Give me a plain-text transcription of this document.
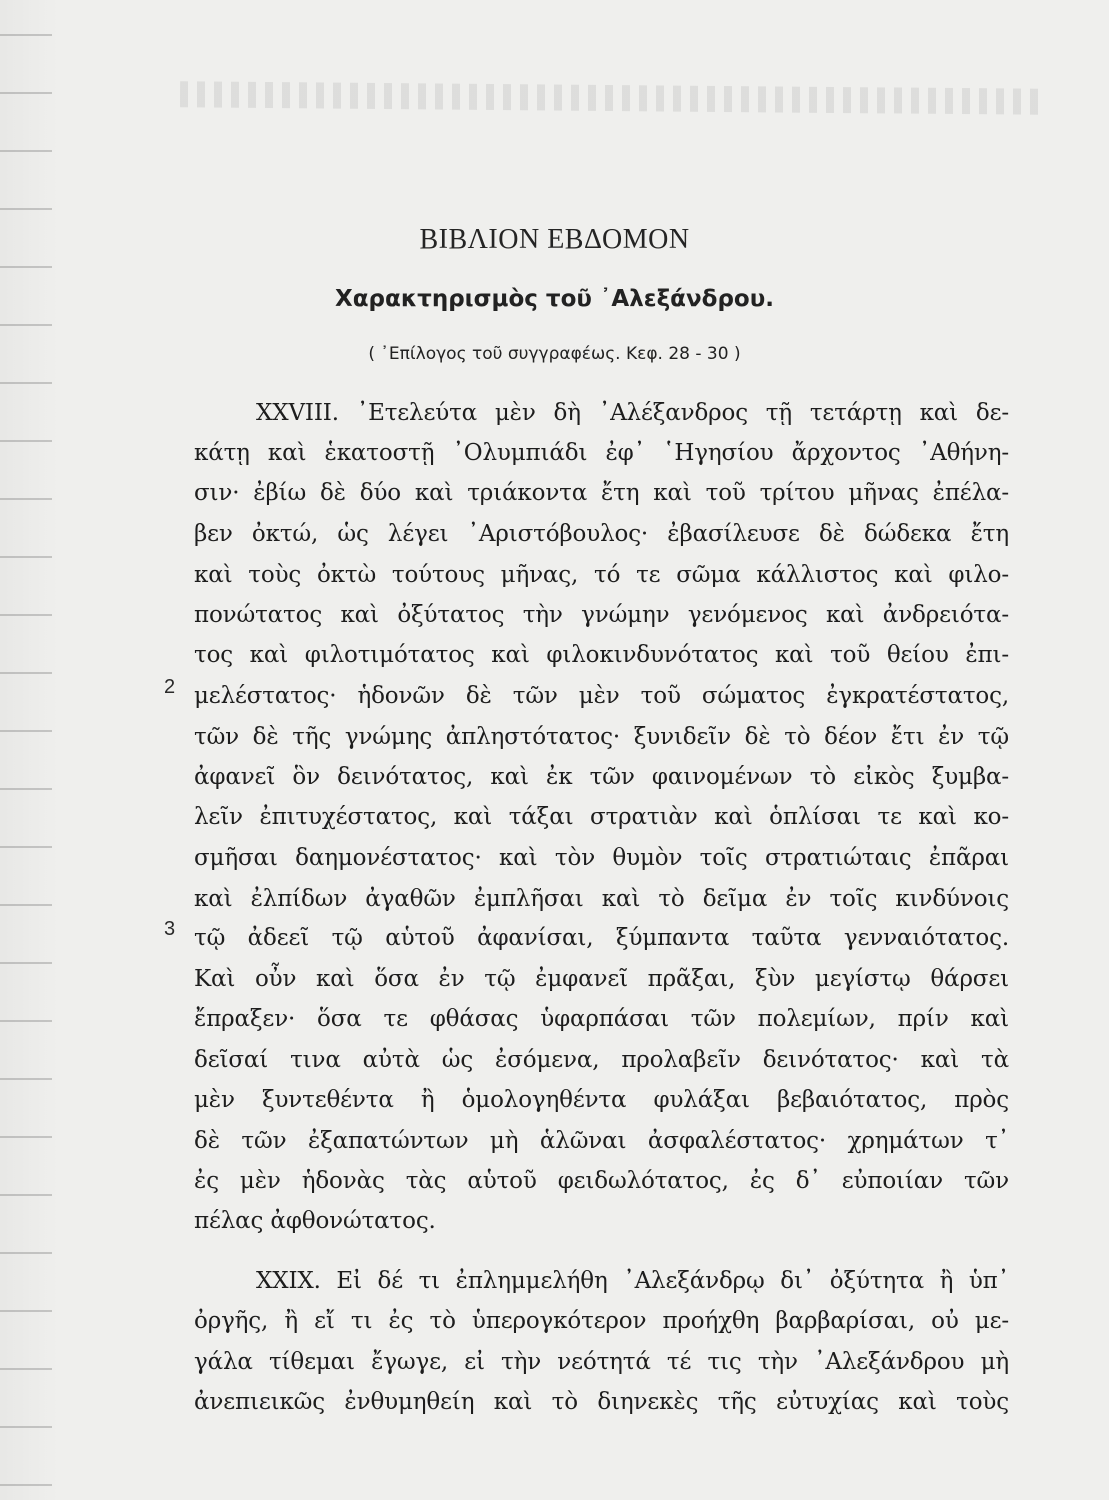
ΒΙΒΛΙΟΝ ΕΒΔΟΜΟΝ
Χαρακτηρισμὸς τοῦ ᾿Αλεξάνδρου.
( ᾿Επίλογος τοῦ συγγραφέως. Κεφ. 28 - 30 )
2
3
XXVIII. ᾿Ετελεύτα μὲν δὴ ᾿Αλέξανδρος τῇ τετάρτῃ καὶ δε-
κάτῃ καὶ ἑκατοστῇ ᾿Ολυμπιάδι ἐφ᾿ ῾Ηγησίου ἄρχοντος ᾿Αθήνη-
σιν· ἐβίω δὲ δύο καὶ τριάκοντα ἔτη καὶ τοῦ τρίτου μῆνας ἐπέλα-
βεν ὀκτώ, ὡς λέγει ᾿Αριστόβουλος· ἐβασίλευσε δὲ δώδεκα ἔτη
καὶ τοὺς ὀκτὼ τούτους μῆνας, τό τε σῶμα κάλλιστος καὶ φιλο-
πονώτατος καὶ ὀξύτατος τὴν γνώμην γενόμενος καὶ ἀνδρειότα-
τος καὶ φιλοτιμότατος καὶ φιλοκινδυνότατος καὶ τοῦ θείου ἐπι-
μελέστατος· ἡδονῶν δὲ τῶν μὲν τοῦ σώματος ἐγκρατέστατος,
τῶν δὲ τῆς γνώμης ἀπληστότατος· ξυνιδεῖν δὲ τὸ δέον ἔτι ἐν τῷ
ἀφανεῖ ὃν δεινότατος, καὶ ἐκ τῶν φαινομένων τὸ εἰκὸς ξυμβα-
λεῖν ἐπιτυχέστατος, καὶ τάξαι στρατιὰν καὶ ὁπλίσαι τε καὶ κο-
σμῆσαι δαημονέστατος· καὶ τὸν θυμὸν τοῖς στρατιώταις ἐπᾶραι
καὶ ἐλπίδων ἀγαθῶν ἐμπλῆσαι καὶ τὸ δεῖμα ἐν τοῖς κινδύνοις
τῷ ἀδεεῖ τῷ αὑτοῦ ἀφανίσαι, ξύμπαντα ταῦτα γενναιότατος.
Καὶ οὖν καὶ ὅσα ἐν τῷ ἐμφανεῖ πρᾶξαι, ξὺν μεγίστῳ θάρσει
ἔπραξεν· ὅσα τε φθάσας ὑφαρπάσαι τῶν πολεμίων, πρίν καὶ
δεῖσαί τινα αὐτὰ ὡς ἐσόμενα, προλαβεῖν δεινότατος· καὶ τὰ
μὲν ξυντεθέντα ἢ ὁμολογηθέντα φυλάξαι βεβαιότατος, πρὸς
δὲ τῶν ἐξαπατώντων μὴ ἁλῶναι ἀσφαλέστατος· χρημάτων τ᾿
ἐς μὲν ἡδονὰς τὰς αὑτοῦ φειδωλότατος, ἐς δ᾿ εὐποιίαν τῶν
πέλας ἀφθονώτατος.
XXIX. Εἰ δέ τι ἐπλημμελήθη ᾿Αλεξάνδρῳ δι᾿ ὀξύτητα ἢ ὑπ᾿
ὀργῆς, ἢ εἴ τι ἐς τὸ ὑπερογκότερον προήχθη βαρβαρίσαι, οὐ με-
γάλα τίθεμαι ἔγωγε, εἰ τὴν νεότητά τέ τις τὴν ᾿Αλεξάνδρου μὴ
ἀνεπιεικῶς ἐνθυμηθείη καὶ τὸ διηνεκὲς τῆς εὐτυχίας καὶ τοὺς
